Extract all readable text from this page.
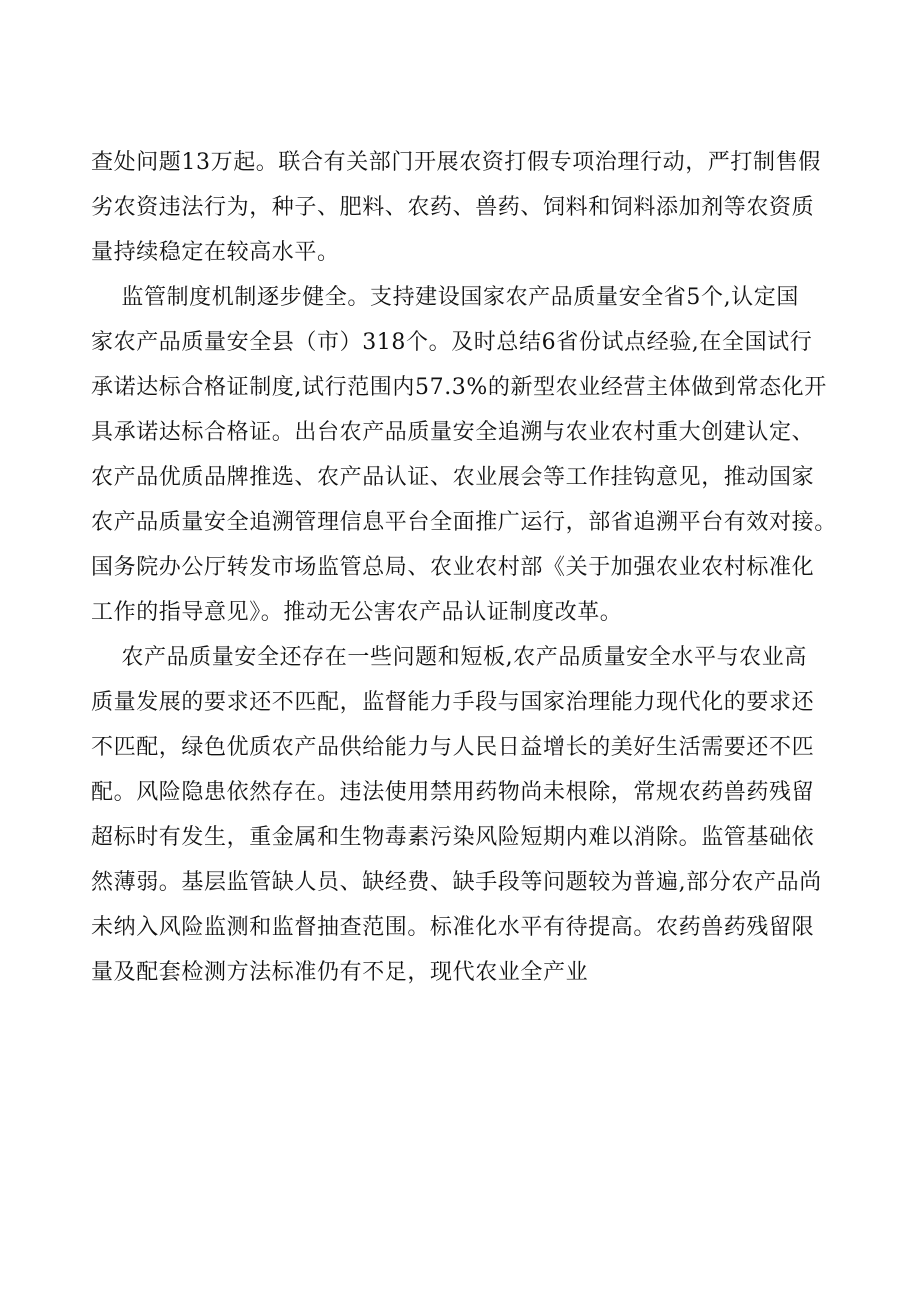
查处问题13万起。联合有关部门开展农资打假专项治理行动，严打制售假
劣农资违法行为，种子、肥料、农药、兽药、饲料和饲料添加剂等农资质
量持续稳定在较高水平。
监管制度机制逐步健全。支持建设国家农产品质量安全省5个,认定国
家农产品质量安全县（市）318个。及时总结6省份试点经验,在全国试行
承诺达标合格证制度,试行范围内57.3%的新型农业经营主体做到常态化开
具承诺达标合格证。出台农产品质量安全追溯与农业农村重大创建认定、
农产品优质品牌推选、农产品认证、农业展会等工作挂钩意见，推动国家
农产品质量安全追溯管理信息平台全面推广运行，部省追溯平台有效对接。
国务院办公厅转发市场监管总局、农业农村部《关于加强农业农村标准化
工作的指导意见》。推动无公害农产品认证制度改革。
农产品质量安全还存在一些问题和短板,农产品质量安全水平与农业高
质量发展的要求还不匹配，监督能力手段与国家治理能力现代化的要求还
不匹配，绿色优质农产品供给能力与人民日益增长的美好生活需要还不匹
配。风险隐患依然存在。违法使用禁用药物尚未根除，常规农药兽药残留
超标时有发生，重金属和生物毒素污染风险短期内难以消除。监管基础依
然薄弱。基层监管缺人员、缺经费、缺手段等问题较为普遍,部分农产品尚
未纳入风险监测和监督抽查范围。标准化水平有待提高。农药兽药残留限
量及配套检测方法标准仍有不足，现代农业全产业
